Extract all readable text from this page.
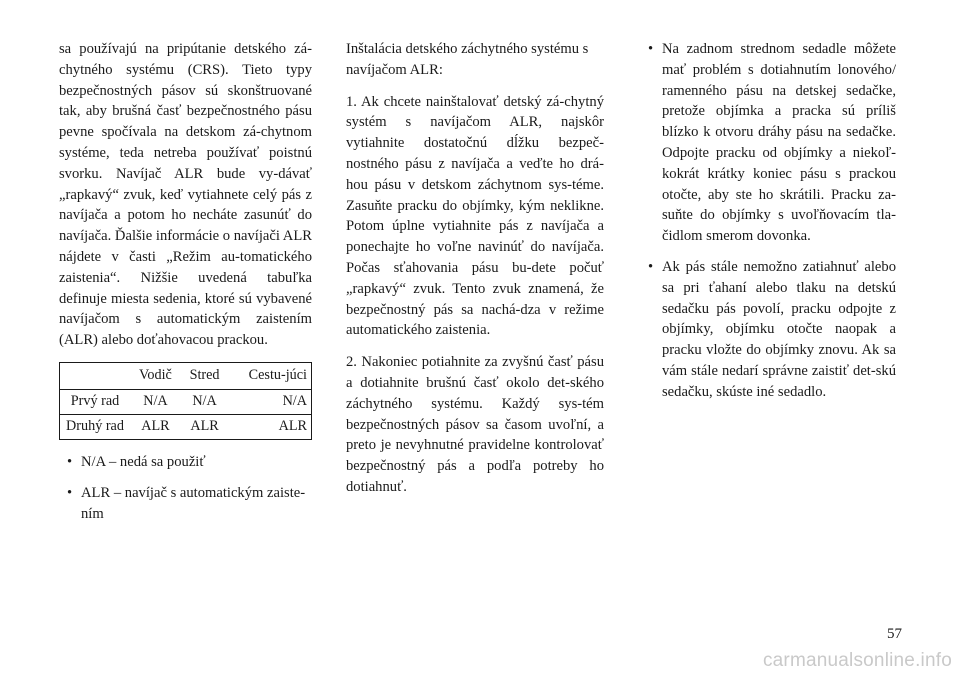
sa používajú na pripútanie detského zá-chytného systému (CRS). Tieto typy bezpečnostných pásov sú skonštruované tak, aby brušná časť bezpečnostného pásu pevne spočívala na detskom zá-chytnom systéme, teda netreba používať poistnú svorku. Navíjač ALR bude vy-dávať „rapkavý“ zvuk, keď vytiahnete celý pás z navíjača a potom ho necháte zasunúť do navíjača. Ďalšie informácie o navíjači ALR nájdete v časti „Režim au-tomatického zaistenia“. Nižšie uvedená tabuľka definuje miesta sedenia, ktoré sú vybavené navíjačom s automatickým zaistením (ALR) alebo doťahovacou prackou.

	Vodič	Stred	Cestu-júci
Prvý rad	N/A	N/A	N/A
Druhý rad	ALR	ALR	ALR
• N/A – nedá sa použiť
• ALR – navíjač s automatickým zaiste-ním

Inštalácia detského záchytného systému s navíjačom ALR:

1. Ak chcete nainštalovať detský zá-chytný systém s navíjačom ALR, najskôr vytiahnite dostatočnú dĺžku bezpeč-nostného pásu z navíjača a veďte ho drá-hou pásu v detskom záchytnom sys-téme. Zasuňte pracku do objímky, kým neklikne. Potom úplne vytiahnite pás z navíjača a ponechajte ho voľne navinúť do navíjača. Počas sťahovania pásu bu-dete počuť „rapkavý“ zvuk. Tento zvuk znamená, že bezpečnostný pás sa nachá-dza v režime automatického zaistenia.

2. Nakoniec potiahnite za zvyšnú časť pásu a dotiahnite brušnú časť okolo det-ského záchytného systému. Každý sys-tém bezpečnostných pásov sa časom uvoľní, a preto je nevyhnutné pravidelne kontrolovať bezpečnostný pás a podľa potreby ho dotiahnuť.

• Na zadnom strednom sedadle môžete mať problém s dotiahnutím lonového/ ramenného pásu na detskej sedačke, pretože objímka a pracka sú príliš blízko k otvoru dráhy pásu na sedačke. Odpojte pracku od objímky a niekoľ-kokrát krátky koniec pásu s prackou otočte, aby ste ho skrátili. Pracku za-suňte do objímky s uvoľňovacím tla-čidlom smerom dovonka.
• Ak pás stále nemožno zatiahnuť alebo sa pri ťahaní alebo tlaku na detskú sedačku pás povolí, pracku odpojte z objímky, objímku otočte naopak a pracku vložte do objímky znovu. Ak sa vám stále nedarí správne zaistiť det-skú sedačku, skúste iné sedadlo.
57
carmanualsonline.info
